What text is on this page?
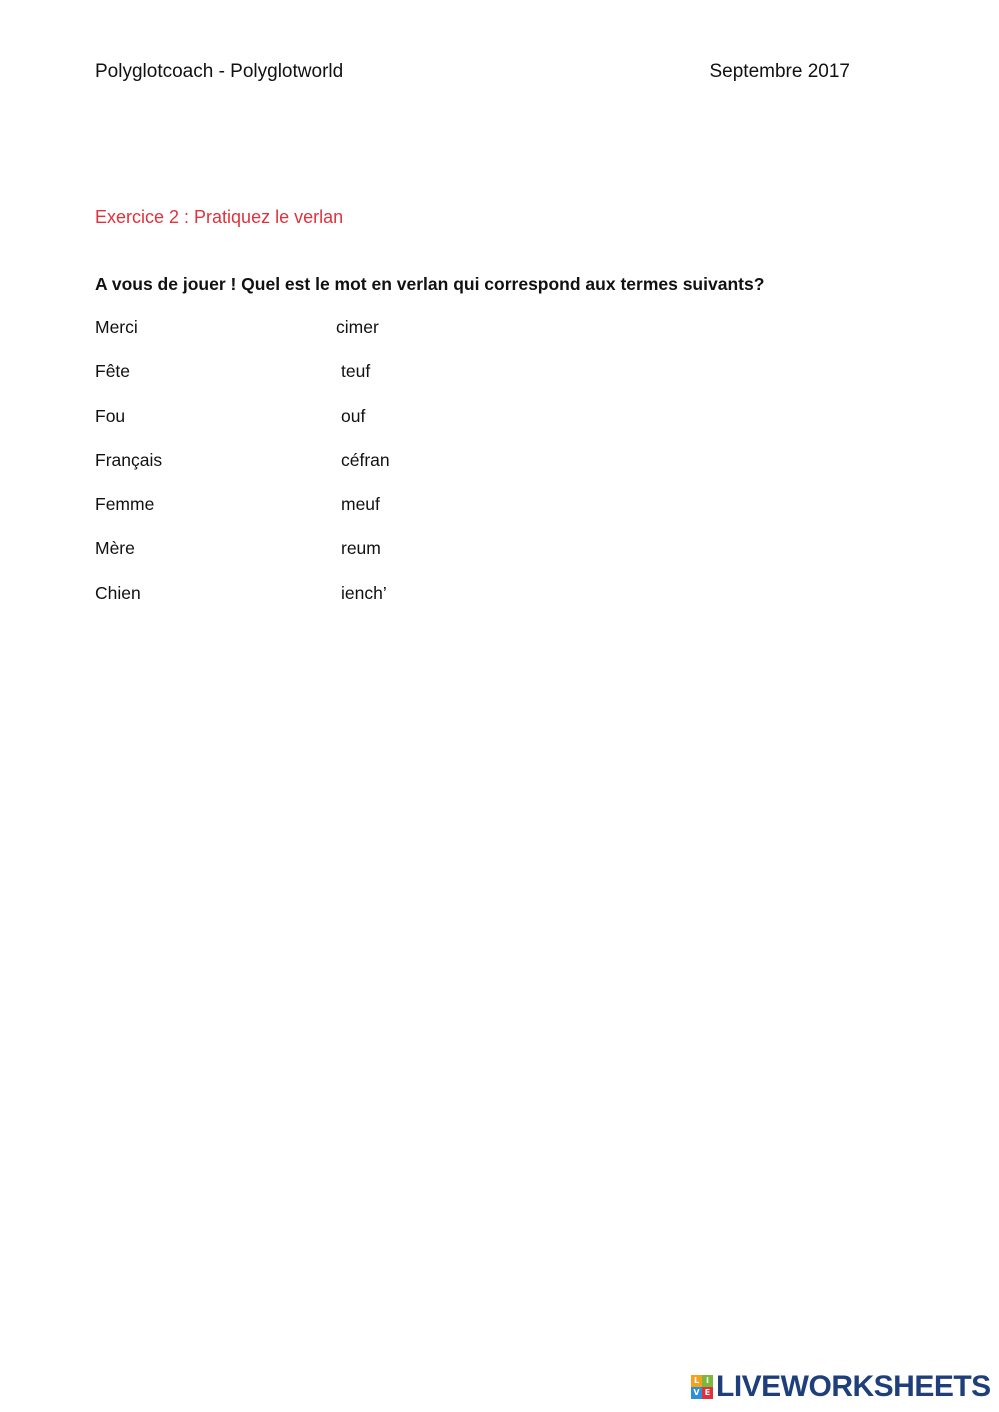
Polyglotcoach - Polyglotworld	Septembre 2017
Exercice 2 : Pratiquez le verlan
A vous de jouer ! Quel est le mot en verlan qui correspond aux termes suivants?
Merci	cimer
Fête	teuf
Fou	ouf
Français	céfran
Femme	meuf
Mère	reum
Chien	iench’
L I
V E LIVEWORKSHEETS
